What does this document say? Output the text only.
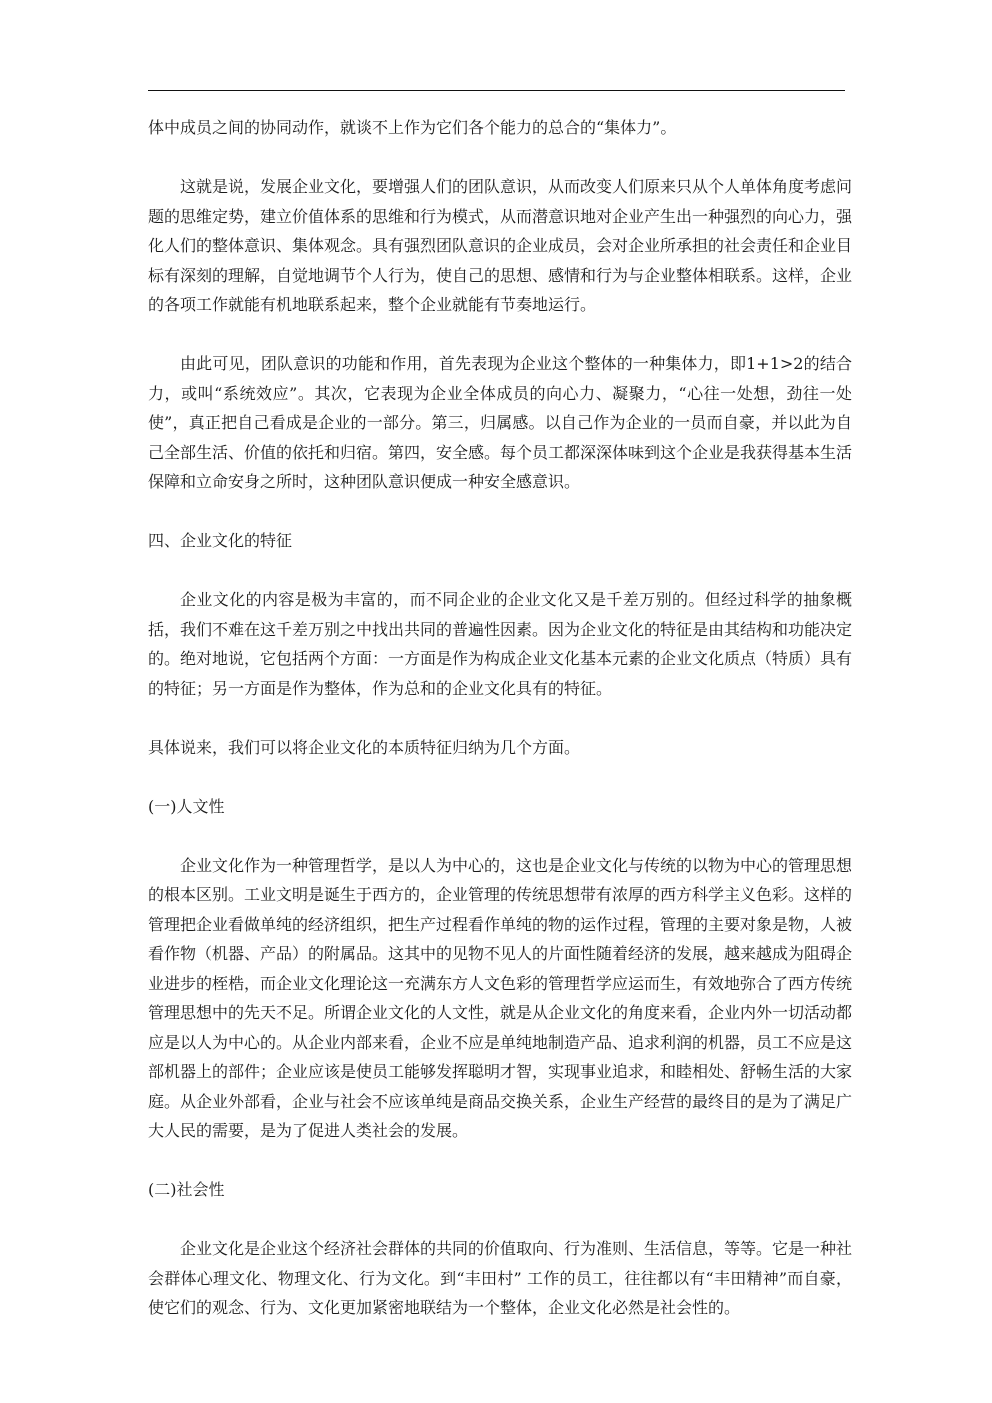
体中成员之间的协同动作，就谈不上作为它们各个能力的总合的“集体力”。

这就是说，发展企业文化，要增强人们的团队意识，从而改变人们原来只从个人单体角度考虑问题的思维定势，建立价值体系的思维和行为模式，从而潜意识地对企业产生出一种强烈的向心力，强化人们的整体意识、集体观念。具有强烈团队意识的企业成员，会对企业所承担的社会责任和企业目标有深刻的理解，自觉地调节个人行为，使自己的思想、感情和行为与企业整体相联系。这样，企业的各项工作就能有机地联系起来，整个企业就能有节奏地运行。

由此可见，团队意识的功能和作用，首先表现为企业这个整体的一种集体力，即1+1>2的结合力，或叫“系统效应”。其次，它表现为企业全体成员的向心力、凝聚力，“心往一处想，劲往一处使”，真正把自己看成是企业的一部分。第三，归属感。以自己作为企业的一员而自豪，并以此为自己全部生活、价值的依托和归宿。第四，安全感。每个员工都深深体味到这个企业是我获得基本生活保障和立命安身之所时，这种团队意识便成一种安全感意识。

四、企业文化的特征

企业文化的内容是极为丰富的，而不同企业的企业文化又是千差万别的。但经过科学的抽象概括，我们不难在这千差万别之中找出共同的普遍性因素。因为企业文化的特征是由其结构和功能决定的。绝对地说，它包括两个方面：一方面是作为构成企业文化基本元素的企业文化质点（特质）具有的特征；另一方面是作为整体，作为总和的企业文化具有的特征。

具体说来，我们可以将企业文化的本质特征归纳为几个方面。

(一)人文性

企业文化作为一种管理哲学，是以人为中心的，这也是企业文化与传统的以物为中心的管理思想的根本区别。工业文明是诞生于西方的，企业管理的传统思想带有浓厚的西方科学主义色彩。这样的管理把企业看做单纯的经济组织，把生产过程看作单纯的物的运作过程，管理的主要对象是物，人被看作物（机器、产品）的附属品。这其中的见物不见人的片面性随着经济的发展，越来越成为阻碍企业进步的桎梏，而企业文化理论这一充满东方人文色彩的管理哲学应运而生，有效地弥合了西方传统管理思想中的先天不足。所谓企业文化的人文性，就是从企业文化的角度来看，企业内外一切活动都应是以人为中心的。从企业内部来看，企业不应是单纯地制造产品、追求利润的机器，员工不应是这部机器上的部件；企业应该是使员工能够发挥聪明才智，实现事业追求，和睦相处、舒畅生活的大家庭。从企业外部看，企业与社会不应该单纯是商品交换关系，企业生产经营的最终目的是为了满足广大人民的需要，是为了促进人类社会的发展。

(二)社会性

企业文化是企业这个经济社会群体的共同的价值取向、行为准则、生活信息，等等。它是一种社会群体心理文化、物理文化、行为文化。到“丰田村” 工作的员工，往往都以有“丰田精神”而自豪，使它们的观念、行为、文化更加紧密地联结为一个整体，企业文化必然是社会性的。
